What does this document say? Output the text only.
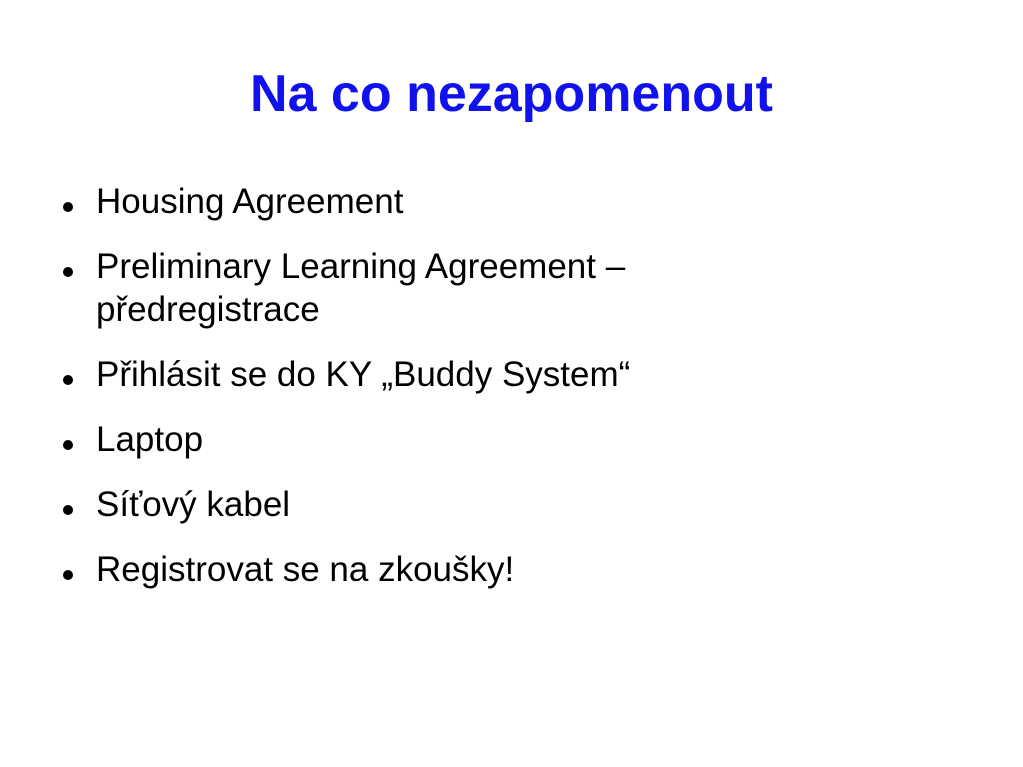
Na co nezapomenout
Housing Agreement
Preliminary Learning Agreement – předregistrace
Přihlásit se do KY „Buddy System“
Laptop
Síťový kabel
Registrovat se na zkoušky!
